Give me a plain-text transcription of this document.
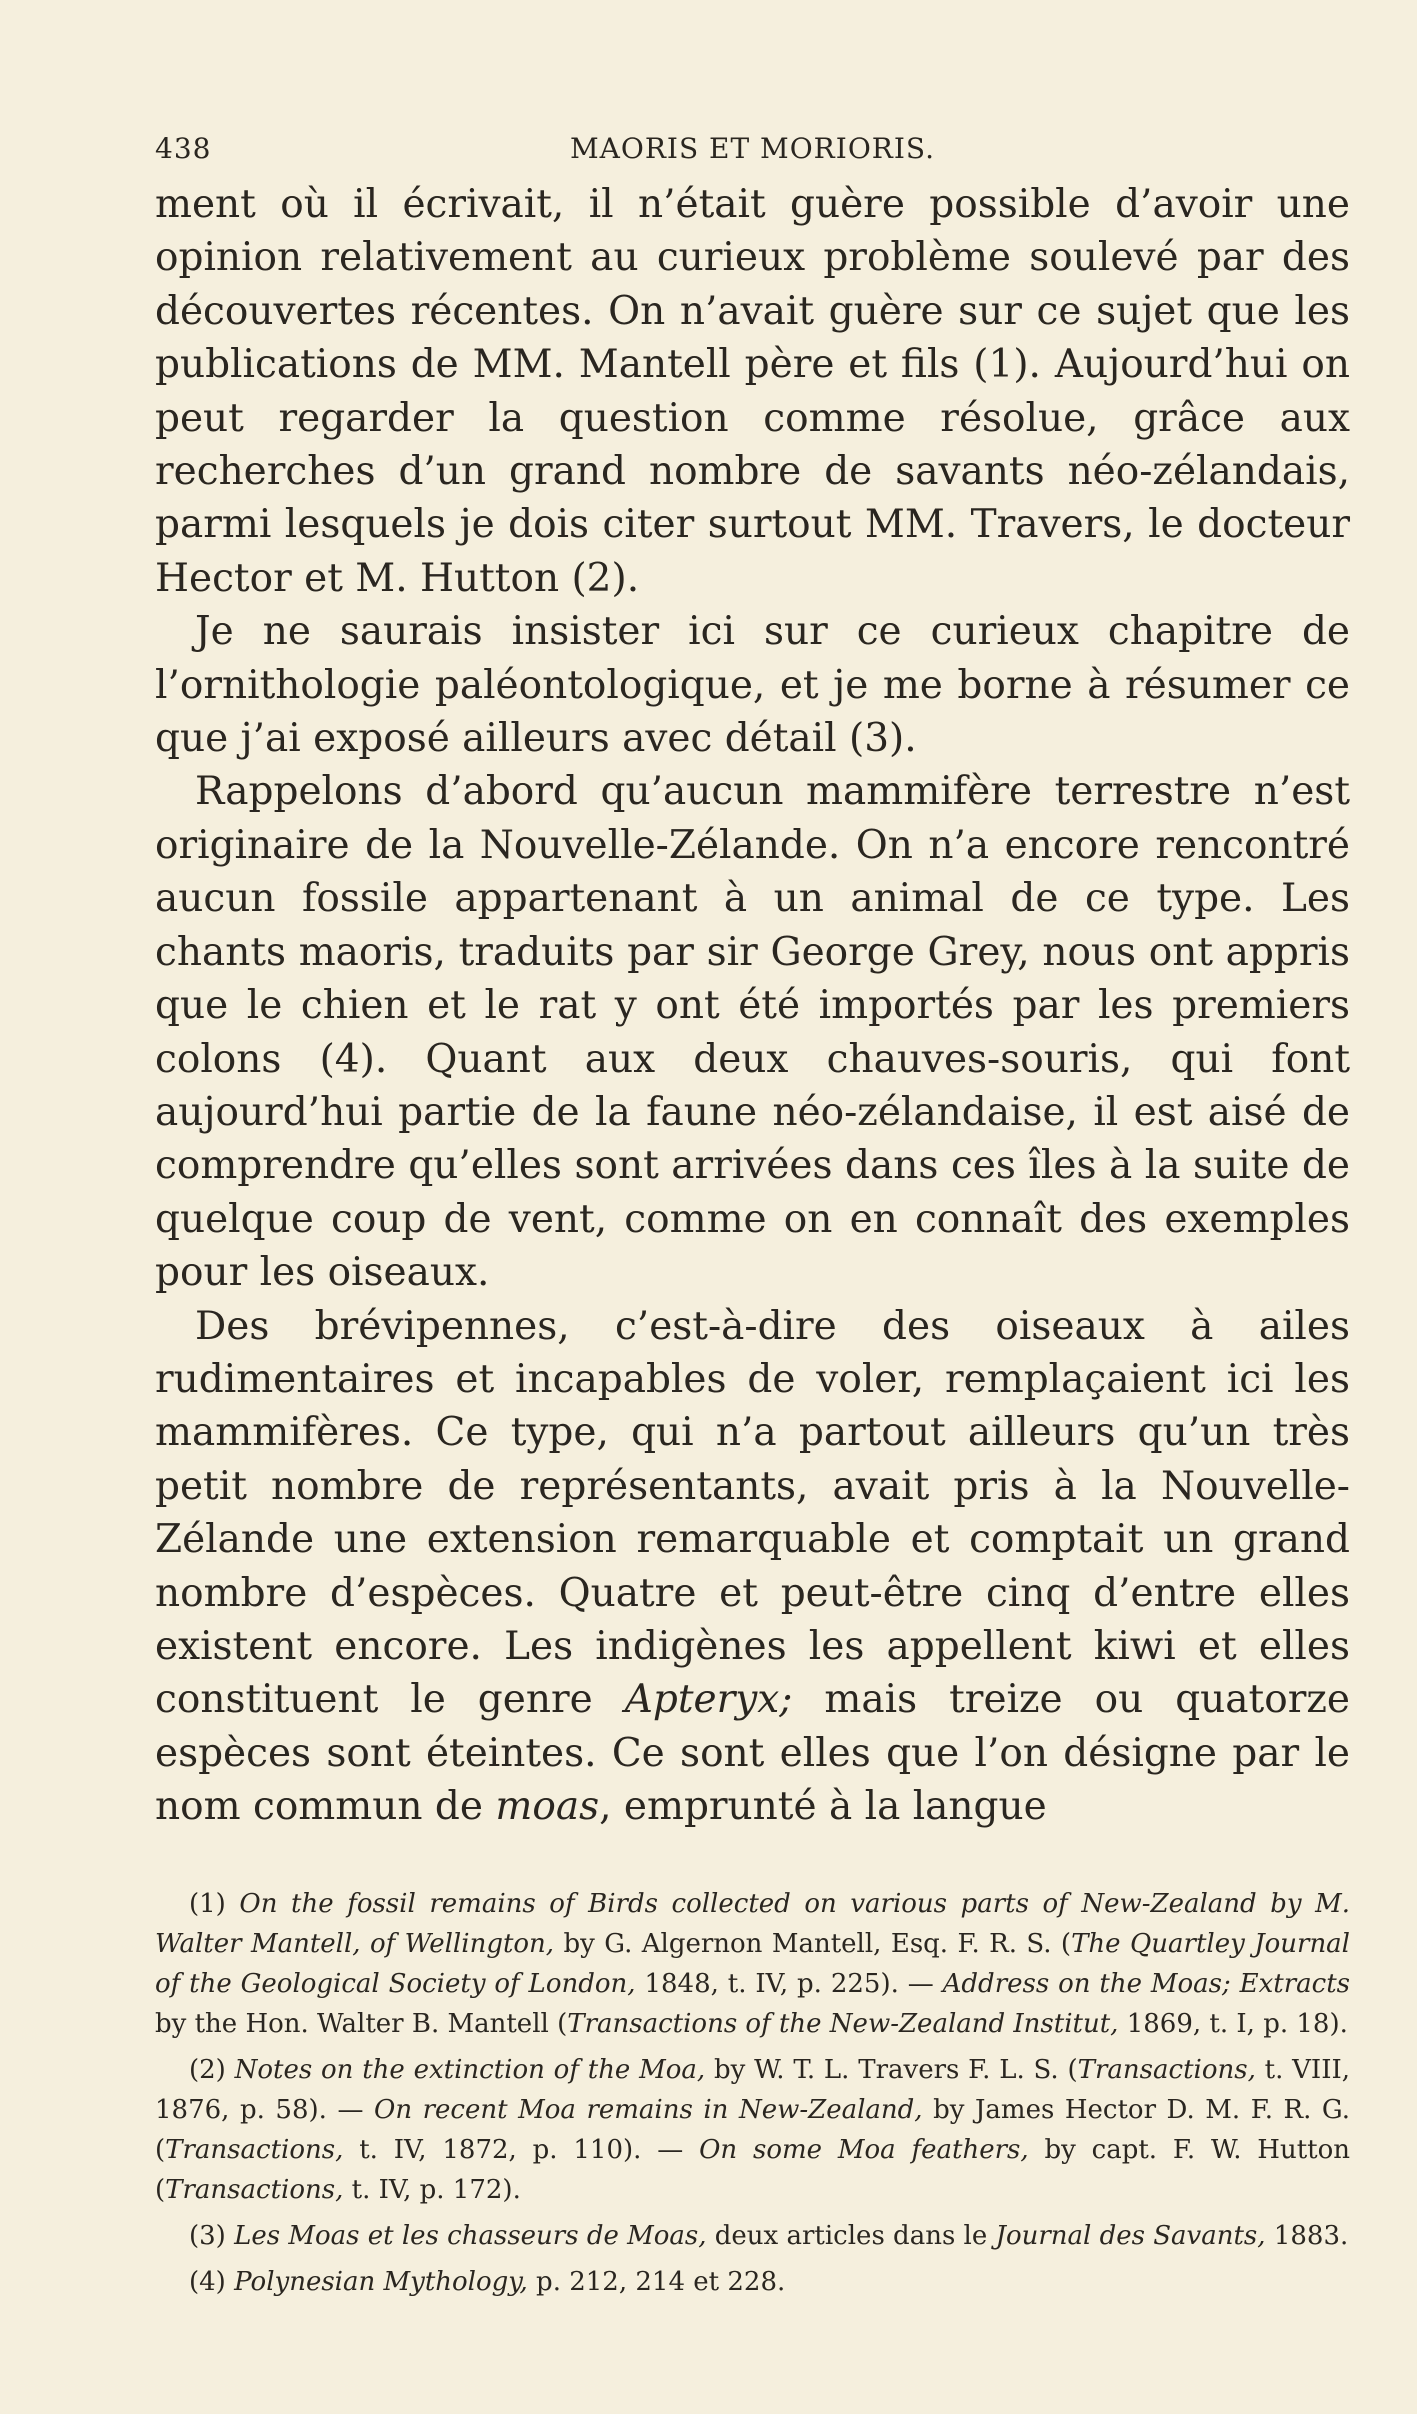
438	MAORIS ET MORIORIS.

ment où il écrivait, il n’était guère possible d’avoir une opinion relativement au curieux problème soulevé par des découvertes récentes. On n’avait guère sur ce sujet que les publications de MM. Mantell père et fils (1). Aujourd’hui on peut regarder la question comme résolue, grâce aux recherches d’un grand nombre de savants néo-zélandais, parmi lesquels je dois citer surtout MM. Travers, le docteur Hector et M. Hutton (2).

Je ne saurais insister ici sur ce curieux chapitre de l’ornithologie paléontologique, et je me borne à résumer ce que j’ai exposé ailleurs avec détail (3).

Rappelons d’abord qu’aucun mammifère terrestre n’est originaire de la Nouvelle-Zélande. On n’a encore rencontré aucun fossile appartenant à un animal de ce type. Les chants maoris, traduits par sir George Grey, nous ont appris que le chien et le rat y ont été importés par les premiers colons (4). Quant aux deux chauves-souris, qui font aujourd’hui partie de la faune néo-zélandaise, il est aisé de comprendre qu’elles sont arrivées dans ces îles à la suite de quelque coup de vent, comme on en connaît des exemples pour les oiseaux.

Des brévipennes, c’est-à-dire des oiseaux à ailes rudimentaires et incapables de voler, remplaçaient ici les mammifères. Ce type, qui n’a partout ailleurs qu’un très petit nombre de représentants, avait pris à la Nouvelle-Zélande une extension remarquable et comptait un grand nombre d’espèces. Quatre et peut-être cinq d’entre elles existent encore. Les indigènes les appellent kiwi et elles constituent le genre Apteryx; mais treize ou quatorze espèces sont éteintes. Ce sont elles que l’on désigne par le nom commun de moas, emprunté à la langue

(1) On the fossil remains of Birds collected on various parts of New-Zealand by M. Walter Mantell, of Wellington, by G. Algernon Mantell, Esq. F. R. S. (The Quartley Journal of the Geological Society of London, 1848, t. IV, p. 225). — Address on the Moas; Extracts by the Hon. Walter B. Mantell (Transactions of the New-Zealand Institut, 1869, t. I, p. 18).

(2) Notes on the extinction of the Moa, by W. T. L. Travers F. L. S. (Transactions, t. VIII, 1876, p. 58). — On recent Moa remains in New-Zealand, by James Hector D. M. F. R. G. (Transactions, t. IV, 1872, p. 110). — On some Moa feathers, by capt. F. W. Hutton (Transactions, t. IV, p. 172).

(3) Les Moas et les chasseurs de Moas, deux articles dans le Journal des Savants, 1883.

(4) Polynesian Mythology, p. 212, 214 et 228.
